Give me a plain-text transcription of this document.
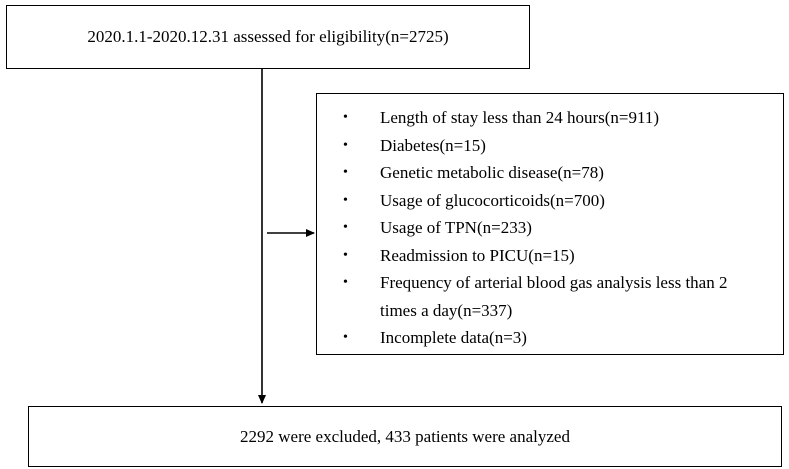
2020.1.1-2020.12.31 assessed for eligibility(n=2725)
• Length of stay less than 24 hours(n=911)
• Diabetes(n=15)
• Genetic metabolic disease(n=78)
• Usage of glucocorticoids(n=700)
• Usage of TPN(n=233)
• Readmission to PICU(n=15)
• Frequency of arterial blood gas analysis less than 2 times a day(n=337)
• Incomplete data(n=3)
2292 were excluded, 433 patients were analyzed
